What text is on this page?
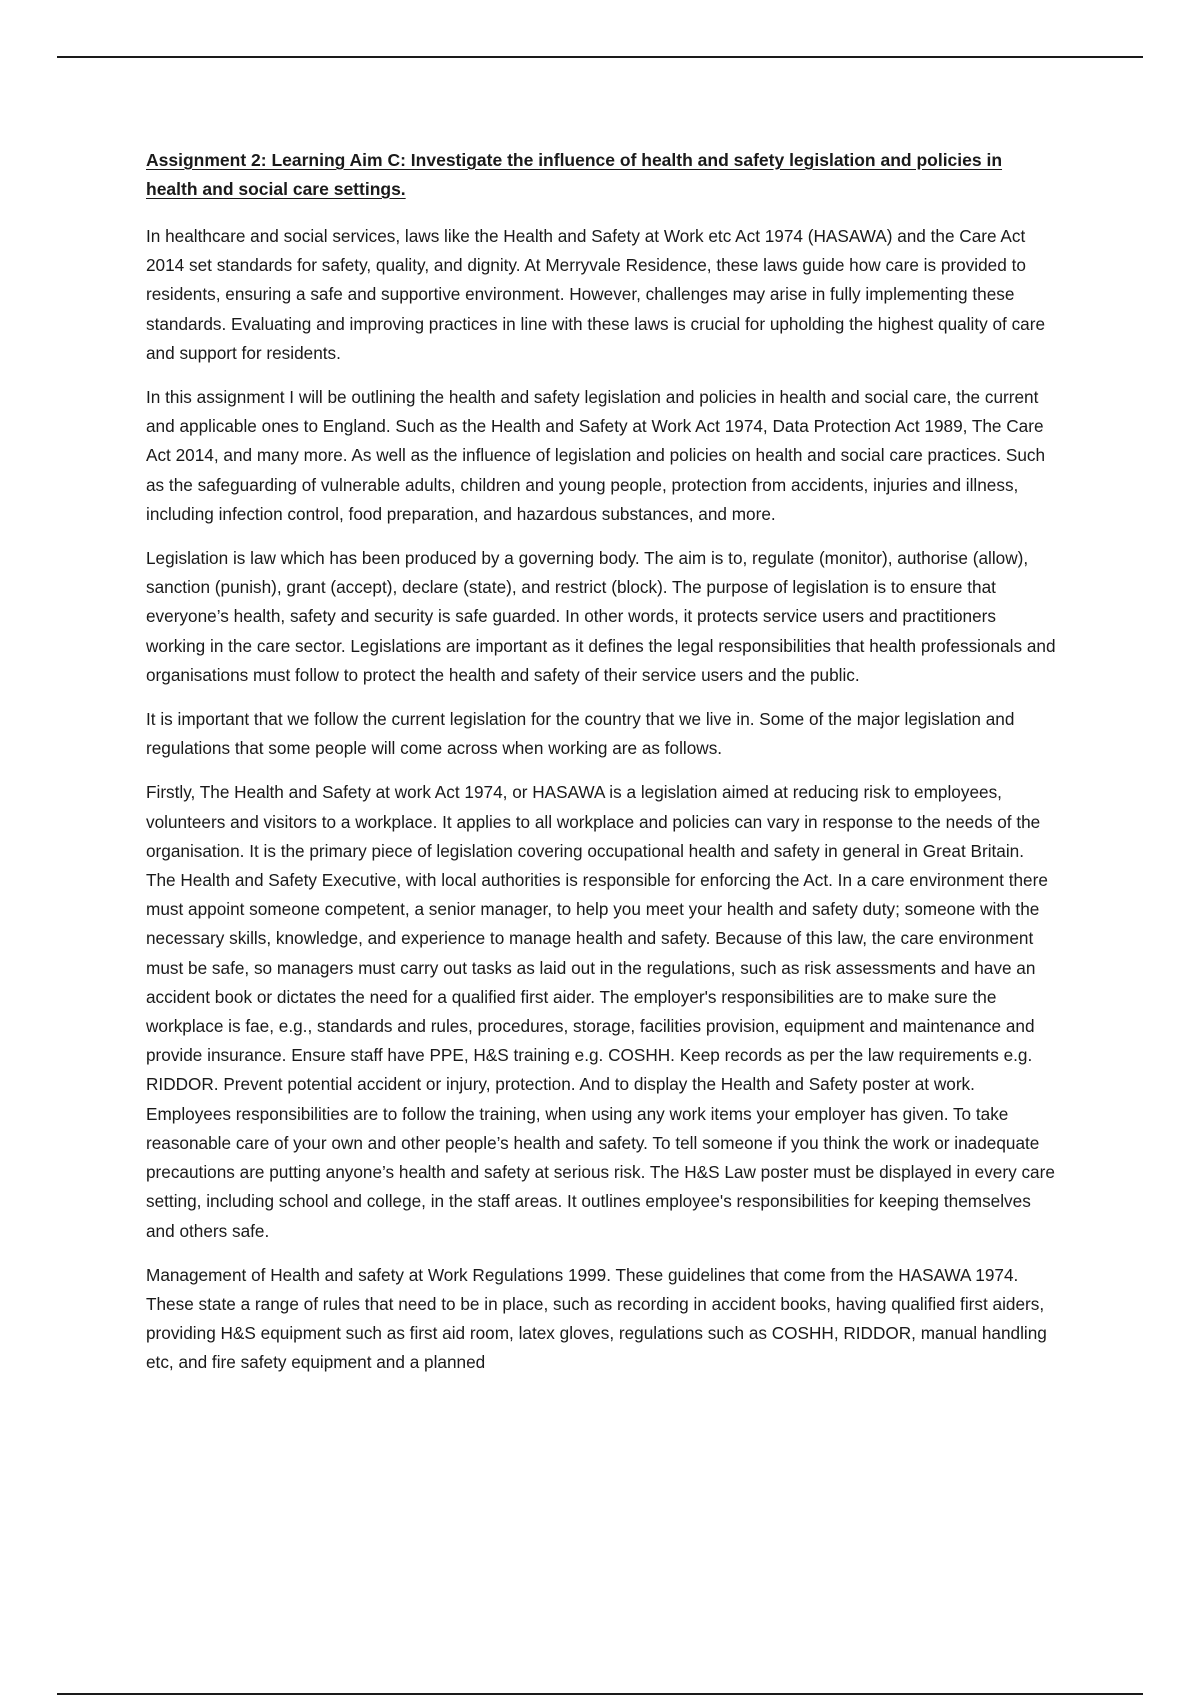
Assignment 2: Learning Aim C: Investigate the influence of health and safety legislation and policies in health and social care settings.

In healthcare and social services, laws like the Health and Safety at Work etc Act 1974 (HASAWA) and the Care Act 2014 set standards for safety, quality, and dignity. At Merryvale Residence, these laws guide how care is provided to residents, ensuring a safe and supportive environment. However, challenges may arise in fully implementing these standards. Evaluating and improving practices in line with these laws is crucial for upholding the highest quality of care and support for residents.

In this assignment I will be outlining the health and safety legislation and policies in health and social care, the current and applicable ones to England. Such as the Health and Safety at Work Act 1974, Data Protection Act 1989, The Care Act 2014, and many more. As well as the influence of legislation and policies on health and social care practices. Such as the safeguarding of vulnerable adults, children and young people, protection from accidents, injuries and illness, including infection control, food preparation, and hazardous substances, and more.

Legislation is law which has been produced by a governing body. The aim is to, regulate (monitor), authorise (allow), sanction (punish), grant (accept), declare (state), and restrict (block). The purpose of legislation is to ensure that everyone’s health, safety and security is safe guarded. In other words, it protects service users and practitioners working in the care sector. Legislations are important as it defines the legal responsibilities that health professionals and organisations must follow to protect the health and safety of their service users and the public.

It is important that we follow the current legislation for the country that we live in. Some of the major legislation and regulations that some people will come across when working are as follows.

Firstly, The Health and Safety at work Act 1974, or HASAWA is a legislation aimed at reducing risk to employees, volunteers and visitors to a workplace. It applies to all workplace and policies can vary in response to the needs of the organisation. It is the primary piece of legislation covering occupational health and safety in general in Great Britain. The Health and Safety Executive, with local authorities is responsible for enforcing the Act. In a care environment there must appoint someone competent, a senior manager, to help you meet your health and safety duty; someone with the necessary skills, knowledge, and experience to manage health and safety. Because of this law, the care environment must be safe, so managers must carry out tasks as laid out in the regulations, such as risk assessments and have an accident book or dictates the need for a qualified first aider. The employer's responsibilities are to make sure the workplace is fae, e.g., standards and rules, procedures, storage, facilities provision, equipment and maintenance and provide insurance. Ensure staff have PPE, H&S training e.g. COSHH. Keep records as per the law requirements e.g. RIDDOR. Prevent potential accident or injury, protection. And to display the Health and Safety poster at work. Employees responsibilities are to follow the training, when using any work items your employer has given. To take reasonable care of your own and other people’s health and safety. To tell someone if you think the work or inadequate precautions are putting anyone’s health and safety at serious risk. The H&S Law poster must be displayed in every care setting, including school and college, in the staff areas. It outlines employee's responsibilities for keeping themselves and others safe.

Management of Health and safety at Work Regulations 1999. These guidelines that come from the HASAWA 1974. These state a range of rules that need to be in place, such as recording in accident books, having qualified first aiders, providing H&S equipment such as first aid room, latex gloves, regulations such as COSHH, RIDDOR, manual handling etc, and fire safety equipment and a planned
